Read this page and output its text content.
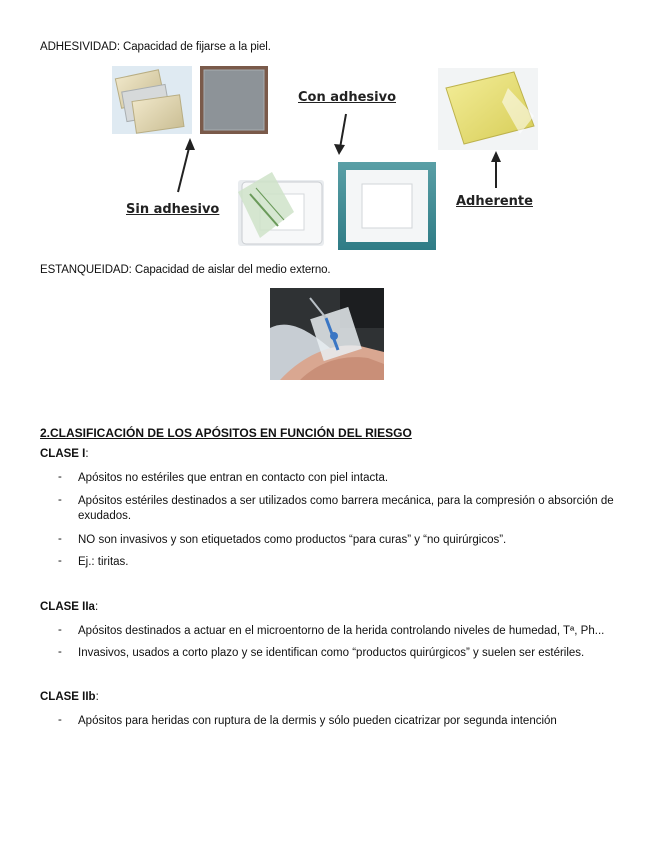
ADHESIVIDAD: Capacidad de fijarse a la piel.
Con adhesivo
Sin adhesivo
Adherente
ESTANQUEIDAD: Capacidad de aislar del medio externo.
2.CLASIFICACIÓN DE LOS APÓSITOS EN FUNCIÓN DEL RIESGO
CLASE I:
- Apósitos no estériles que entran en contacto con piel intacta.
- Apósitos estériles destinados a ser utilizados como barrera mecánica, para la compresión o absorción de exudados.
- NO son invasivos y son etiquetados como productos “para curas” y “no quirúrgicos”.
- Ej.: tiritas.
CLASE IIa:
- Apósitos destinados a actuar en el microentorno de la herida controlando niveles de humedad, Tª, Ph...
- Invasivos, usados a corto plazo y se identifican como “productos quirúrgicos” y suelen ser estériles.
CLASE IIb:
- Apósitos para heridas con ruptura de la dermis y sólo pueden cicatrizar por segunda intención
